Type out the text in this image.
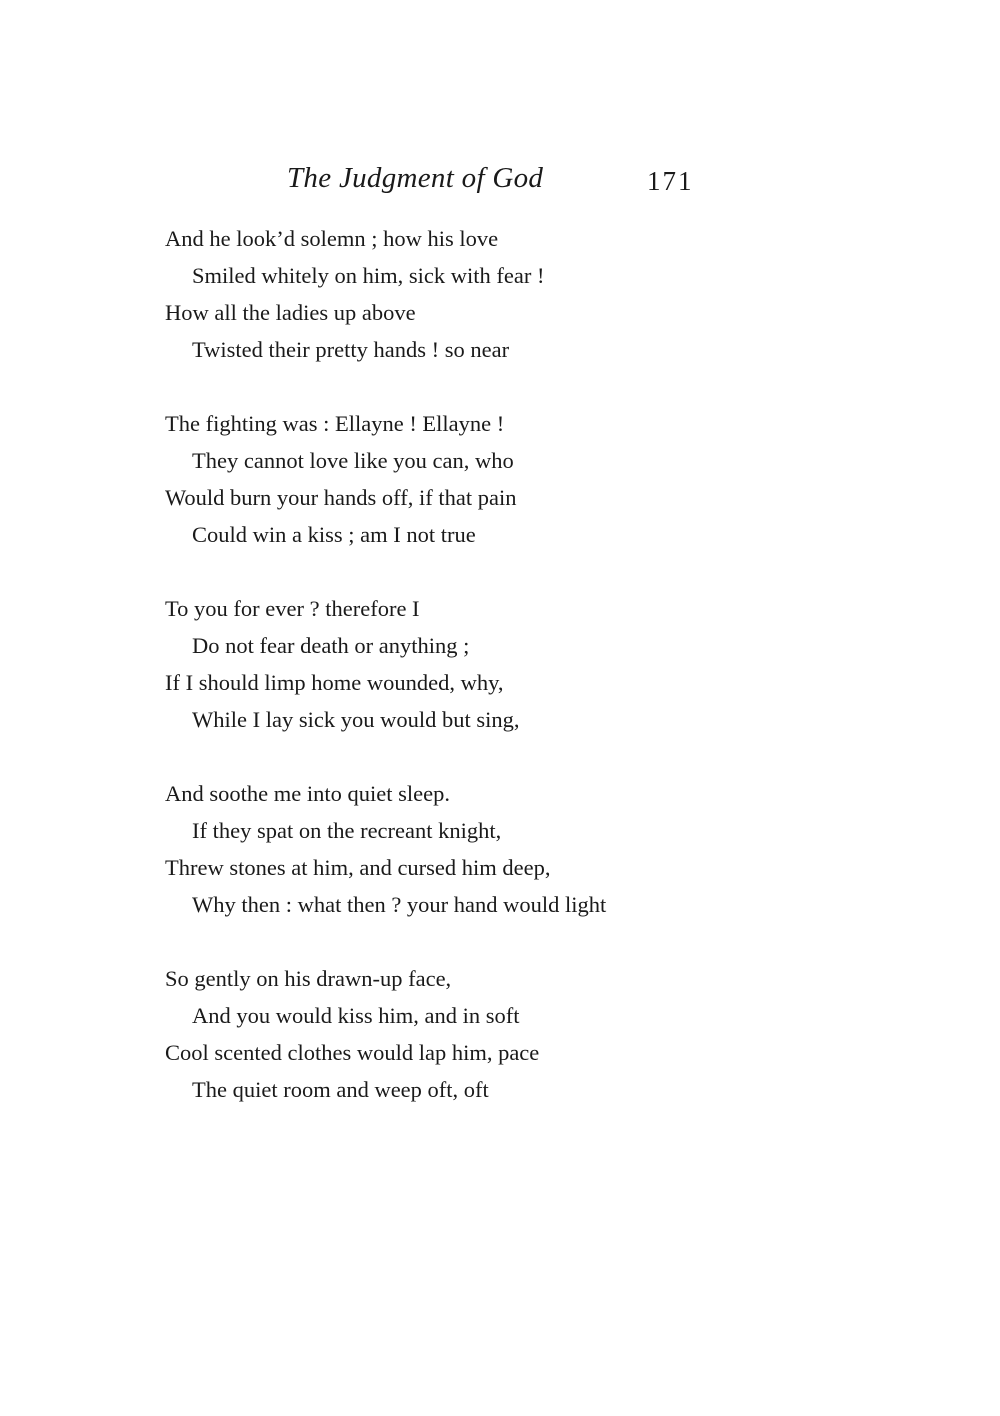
The Judgment of God	171
And he look’d solemn ; how his love
Smiled whitely on him, sick with fear !
How all the ladies up above
Twisted their pretty hands ! so near
The fighting was : Ellayne ! Ellayne !
They cannot love like you can, who
Would burn your hands off, if that pain
Could win a kiss ; am I not true
To you for ever ? therefore I
Do not fear death or anything ;
If I should limp home wounded, why,
While I lay sick you would but sing,
And soothe me into quiet sleep.
If they spat on the recreant knight,
Threw stones at him, and cursed him deep,
Why then : what then ? your hand would light
So gently on his drawn-up face,
And you would kiss him, and in soft
Cool scented clothes would lap him, pace
The quiet room and weep oft, oft
